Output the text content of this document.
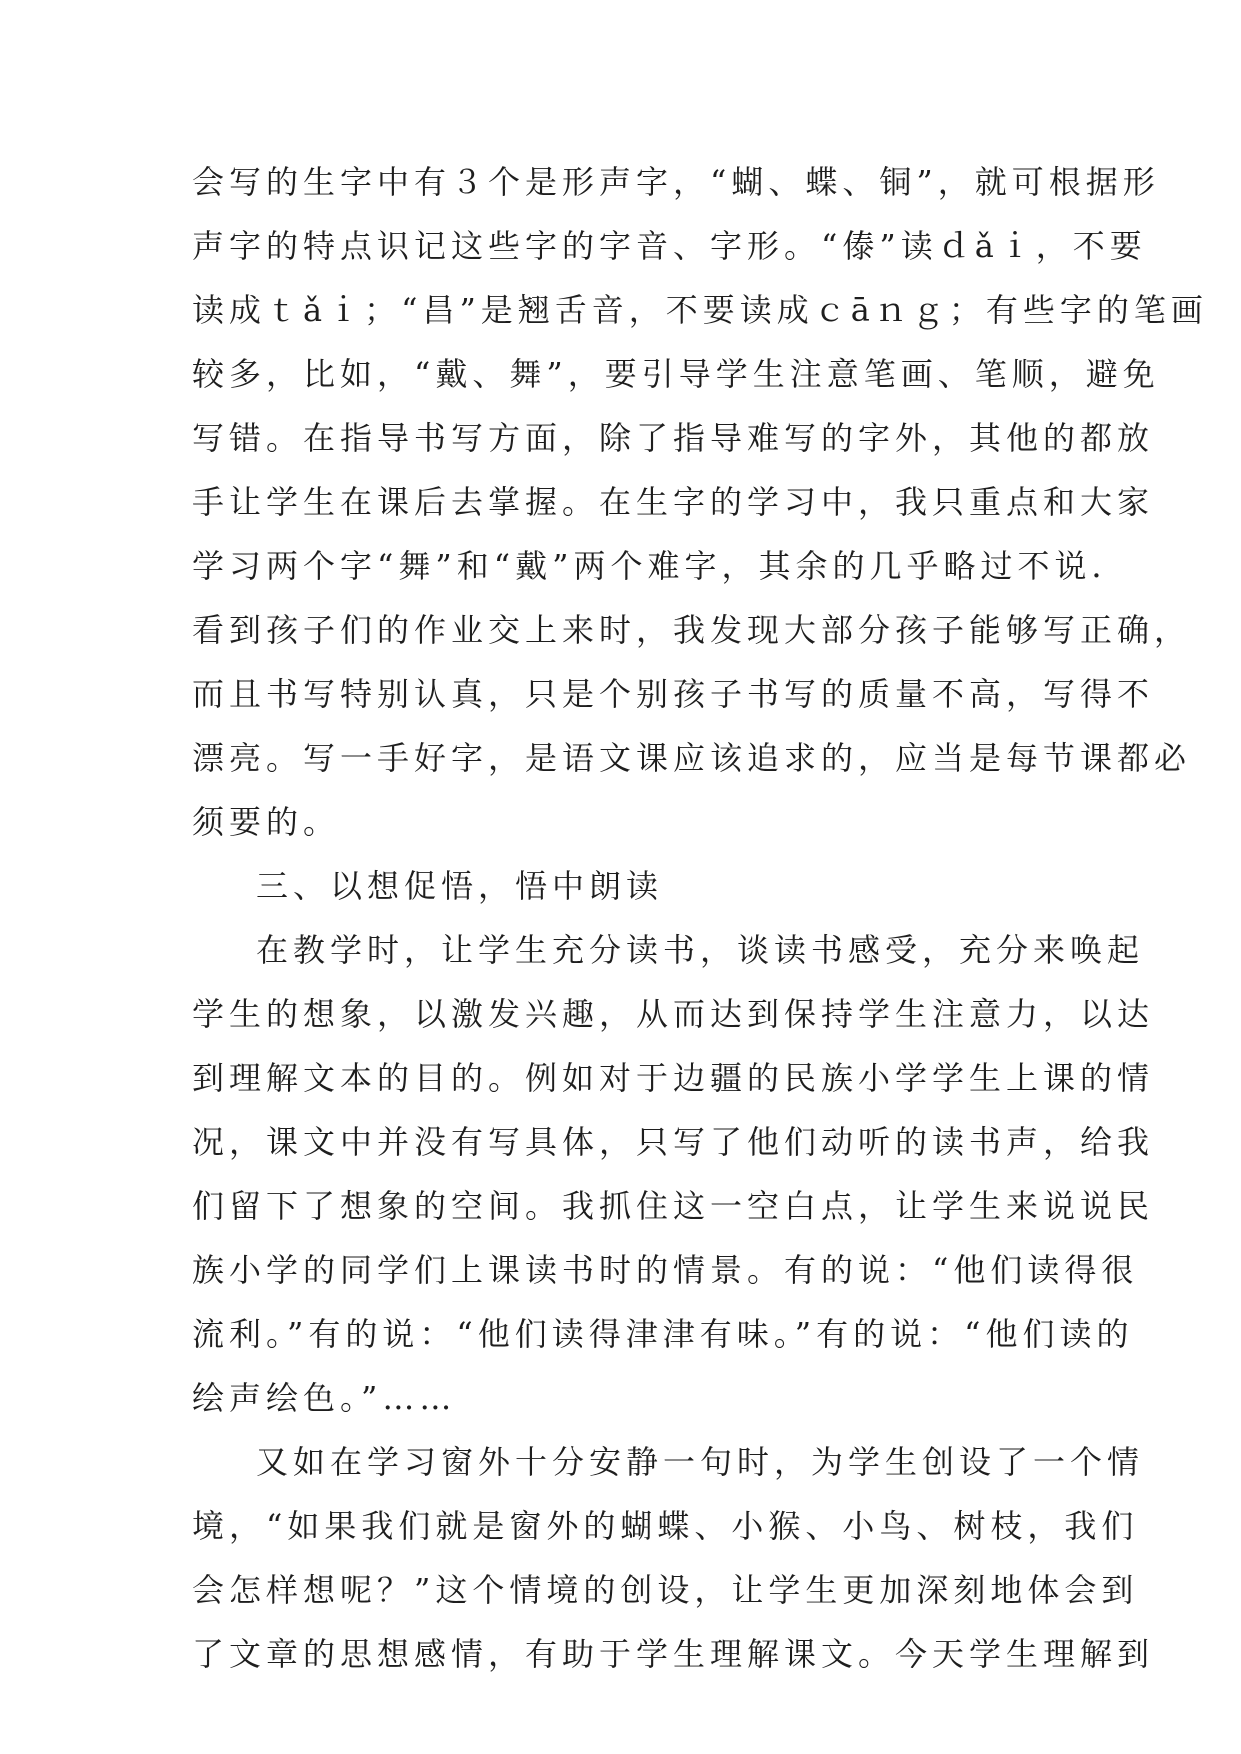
会写的生字中有３个是形声字，“蝴、蝶、铜”，就可根据形
声字的特点识记这些字的字音、字形。“傣”读ｄǎｉ，不要
读成ｔǎｉ；“昌”是翘舌音，不要读成ｃāｎｇ；有些字的笔画
较多，比如，“戴、舞”，要引导学生注意笔画、笔顺，避免
写错。在指导书写方面，除了指导难写的字外，其他的都放
手让学生在课后去掌握。在生字的学习中，我只重点和大家
学习两个字“舞”和“戴”两个难字，其余的几乎略过不说．
看到孩子们的作业交上来时，我发现大部分孩子能够写正确，
而且书写特别认真，只是个别孩子书写的质量不高，写得不
漂亮。写一手好字，是语文课应该追求的，应当是每节课都必
须要的。
三、以想促悟，悟中朗读
在教学时，让学生充分读书，谈读书感受，充分来唤起
学生的想象，以激发兴趣，从而达到保持学生注意力，以达
到理解文本的目的。例如对于边疆的民族小学学生上课的情
况，课文中并没有写具体，只写了他们动听的读书声，给我
们留下了想象的空间。我抓住这一空白点，让学生来说说民
族小学的同学们上课读书时的情景。有的说：“他们读得很
流利。”有的说：“他们读得津津有味。”有的说：“他们读的
绘声绘色。”……
又如在学习窗外十分安静一句时，为学生创设了一个情
境，“如果我们就是窗外的蝴蝶、小猴、小鸟、树枝，我们
会怎样想呢？”这个情境的创设，让学生更加深刻地体会到
了文章的思想感情，有助于学生理解课文。今天学生理解到
